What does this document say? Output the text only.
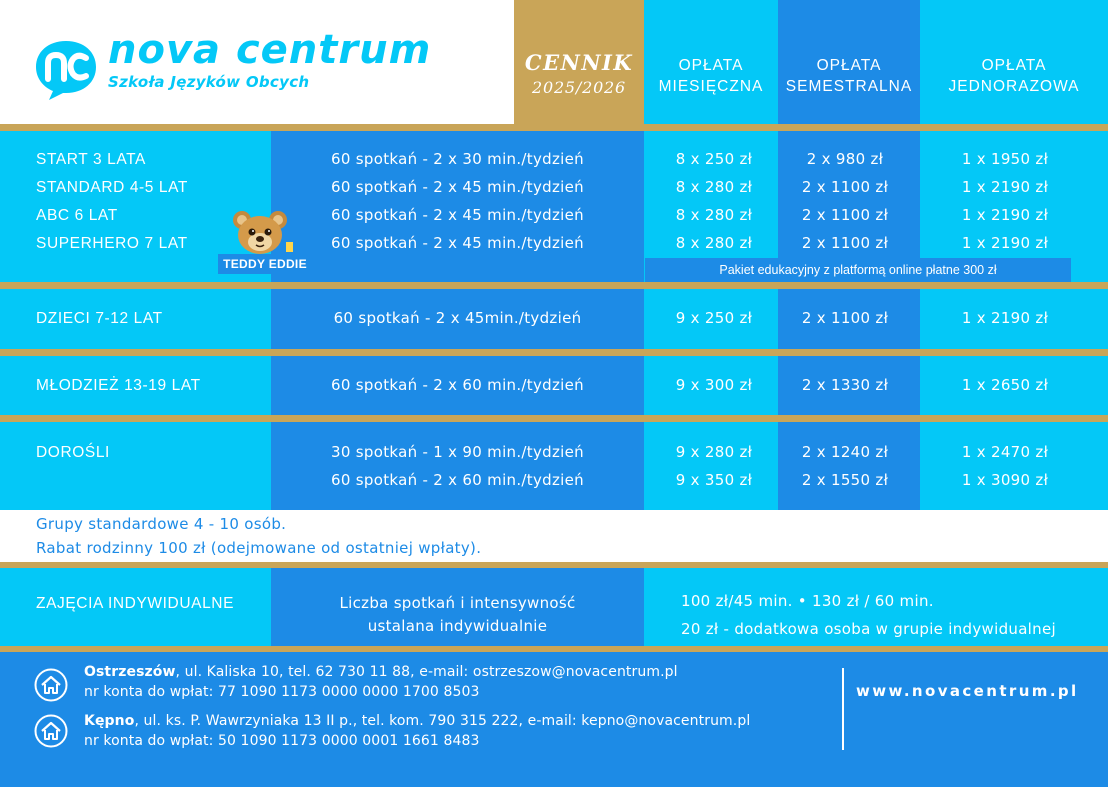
nova centrum
Szkoła Języków Obcych
CENNIK
2025/2026
OPŁATA
MIESIĘCZNA
OPŁATA
SEMESTRALNA
OPŁATA
JEDNORAZOWA
START 3 LATA	60 spotkań - 2 x 30 min./tydzień	8 x 250 zł	2 x 980 zł	1 x 1950 zł
STANDARD 4-5 LAT	60 spotkań - 2 x 45 min./tydzień	8 x 280 zł	2 x 1100 zł	1 x 2190 zł
ABC 6 LAT	60 spotkań - 2 x 45 min./tydzień	8 x 280 zł	2 x 1100 zł	1 x 2190 zł
SUPERHERO 7 LAT	60 spotkań - 2 x 45 min./tydzień	8 x 280 zł	2 x 1100 zł	1 x 2190 zł
TEDDY EDDIE	Pakiet edukacyjny z platformą online płatne 300 zł
DZIECI 7-12 LAT	60 spotkań - 2 x 45min./tydzień	9 x 250 zł	2 x 1100 zł	1 x 2190 zł
MŁODZIEŻ 13-19 LAT	60 spotkań - 2 x 60 min./tydzień	9 x 300 zł	2 x 1330 zł	1 x 2650 zł
DOROŚLI	30 spotkań - 1 x 90 min./tydzień	9 x 280 zł	2 x 1240 zł	1 x 2470 zł
60 spotkań - 2 x 60 min./tydzień	9 x 350 zł	2 x 1550 zł	1 x 3090 zł
Grupy standardowe 4 - 10 osób.
Rabat rodzinny 100 zł (odejmowane od ostatniej wpłaty).
ZAJĘCIA INDYWIDUALNE	Liczba spotkań i intensywność
ustalana indywidualnie
100 zł/45 min. • 130 zł / 60 min.
20 zł - dodatkowa osoba w grupie indywidualnej
Ostrzeszów, ul. Kaliska 10, tel. 62 730 11 88, e-mail: ostrzeszow@novacentrum.pl
nr konta do wpłat: 77 1090 1173 0000 0000 1700 8503
Kępno, ul. ks. P. Wawrzyniaka 13 II p., tel. kom. 790 315 222, e-mail: kepno@novacentrum.pl
nr konta do wpłat: 50 1090 1173 0000 0001 1661 8483
www.novacentrum.pl
